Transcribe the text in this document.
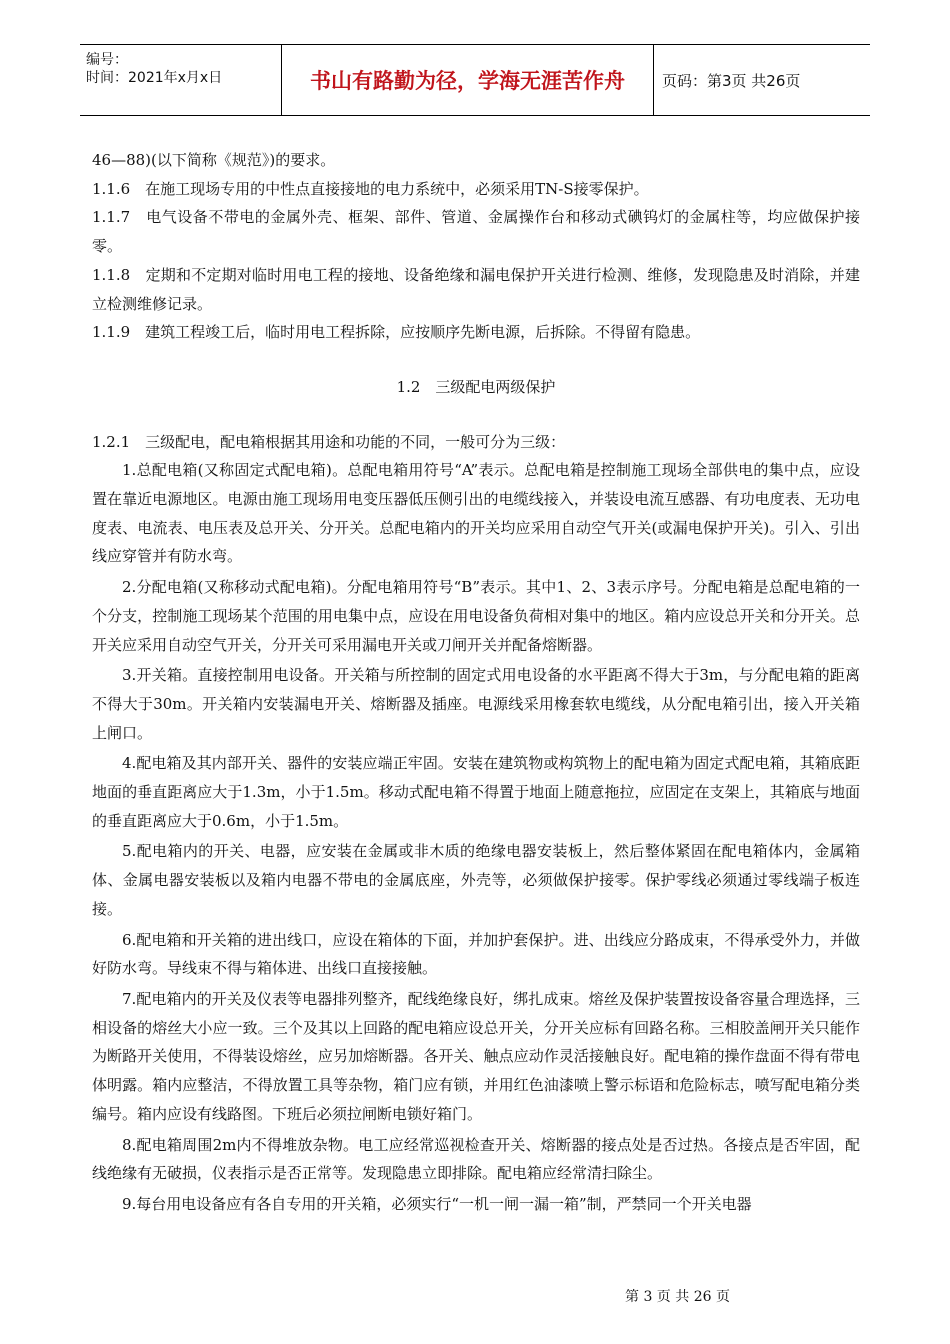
编号：
时间：2021年x月x日	书山有路勤为径，学海无涯苦作舟	页码：第3页 共26页

46—88)(以下简称《规范》)的要求。

1.1.6　在施工现场专用的中性点直接接地的电力系统中，必须采用TN-S接零保护。

1.1.7　电气设备不带电的金属外壳、框架、部件、管道、金属操作台和移动式碘钨灯的金属柱等，均应做保护接零。

1.1.8　定期和不定期对临时用电工程的接地、设备绝缘和漏电保护开关进行检测、维修，发现隐患及时消除，并建立检测维修记录。

1.1.9　建筑工程竣工后，临时用电工程拆除，应按顺序先断电源，后拆除。不得留有隐患。

1.2　三级配电两级保护

1.2.1　三级配电，配电箱根据其用途和功能的不同，一般可分为三级：

1.总配电箱(又称固定式配电箱)。总配电箱用符号“A”表示。总配电箱是控制施工现场全部供电的集中点，应设置在靠近电源地区。电源由施工现场用电变压器低压侧引出的电缆线接入，并装设电流互感器、有功电度表、无功电度表、电流表、电压表及总开关、分开关。总配电箱内的开关均应采用自动空气开关(或漏电保护开关)。引入、引出线应穿管并有防水弯。

2.分配电箱(又称移动式配电箱)。分配电箱用符号“B”表示。其中1、2、3表示序号。分配电箱是总配电箱的一个分支，控制施工现场某个范围的用电集中点，应设在用电设备负荷相对集中的地区。箱内应设总开关和分开关。总开关应采用自动空气开关，分开关可采用漏电开关或刀闸开关并配备熔断器。

3.开关箱。直接控制用电设备。开关箱与所控制的固定式用电设备的水平距离不得大于3m，与分配电箱的距离不得大于30m。开关箱内安装漏电开关、熔断器及插座。电源线采用橡套软电缆线，从分配电箱引出，接入开关箱上闸口。

4.配电箱及其内部开关、器件的安装应端正牢固。安装在建筑物或构筑物上的配电箱为固定式配电箱，其箱底距地面的垂直距离应大于1.3m，小于1.5m。移动式配电箱不得置于地面上随意拖拉，应固定在支架上，其箱底与地面的垂直距离应大于0.6m，小于1.5m。

5.配电箱内的开关、电器，应安装在金属或非木质的绝缘电器安装板上，然后整体紧固在配电箱体内，金属箱体、金属电器安装板以及箱内电器不带电的金属底座，外壳等，必须做保护接零。保护零线必须通过零线端子板连接。

6.配电箱和开关箱的进出线口，应设在箱体的下面，并加护套保护。进、出线应分路成束，不得承受外力，并做好防水弯。导线束不得与箱体进、出线口直接接触。

7.配电箱内的开关及仪表等电器排列整齐，配线绝缘良好，绑扎成束。熔丝及保护装置按设备容量合理选择，三相设备的熔丝大小应一致。三个及其以上回路的配电箱应设总开关，分开关应标有回路名称。三相胶盖闸开关只能作为断路开关使用，不得装设熔丝，应另加熔断器。各开关、触点应动作灵活接触良好。配电箱的操作盘面不得有带电体明露。箱内应整洁，不得放置工具等杂物，箱门应有锁，并用红色油漆喷上警示标语和危险标志，喷写配电箱分类编号。箱内应设有线路图。下班后必须拉闸断电锁好箱门。

8.配电箱周围2m内不得堆放杂物。电工应经常巡视检查开关、熔断器的接点处是否过热。各接点是否牢固，配线绝缘有无破损，仪表指示是否正常等。发现隐患立即排除。配电箱应经常清扫除尘。

9.每台用电设备应有各自专用的开关箱，必须实行“一机一闸一漏一箱”制，严禁同一个开关电器

第 3 页 共 26 页
